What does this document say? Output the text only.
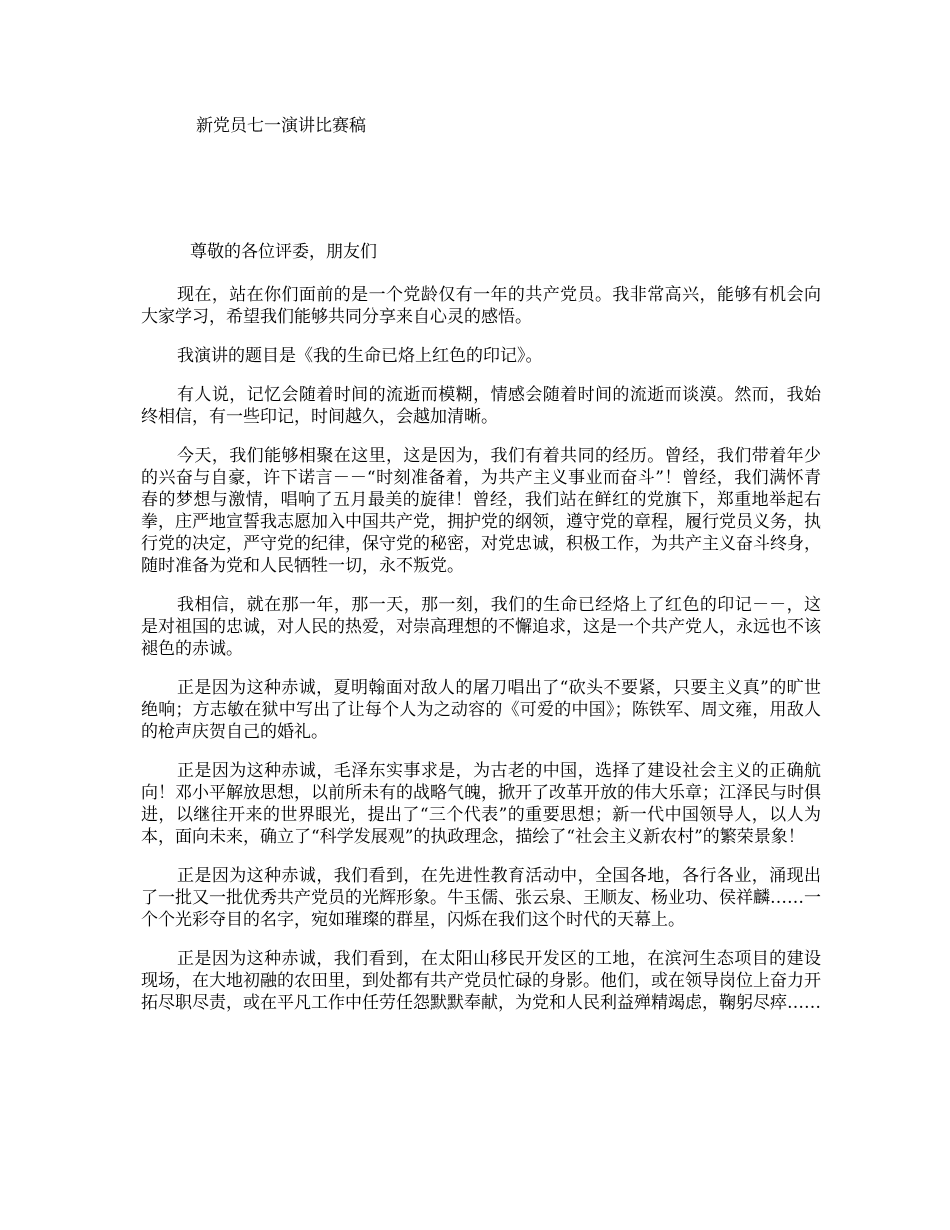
新党员七一演讲比赛稿
尊敬的各位评委，朋友们

现在，站在你们面前的是一个党龄仅有一年的共产党员。我非常高兴，能够有机会向大家学习，希望我们能够共同分享来自心灵的感悟。

我演讲的题目是《我的生命已烙上红色的印记》。

有人说，记忆会随着时间的流逝而模糊，情感会随着时间的流逝而谈漠。然而，我始终相信，有一些印记，时间越久，会越加清晰。

今天，我们能够相聚在这里，这是因为，我们有着共同的经历。曾经，我们带着年少的兴奋与自豪，许下诺言－－“时刻准备着，为共产主义事业而奋斗”！曾经，我们满怀青春的梦想与激情，唱响了五月最美的旋律！曾经，我们站在鲜红的党旗下，郑重地举起右拳，庄严地宣誓我志愿加入中国共产党，拥护党的纲领，遵守党的章程，履行党员义务，执行党的决定，严守党的纪律，保守党的秘密，对党忠诚，积极工作，为共产主义奋斗终身，随时准备为党和人民牺牲一切，永不叛党。

我相信，就在那一年，那一天，那一刻，我们的生命已经烙上了红色的印记－－，这是对祖国的忠诚，对人民的热爱，对崇高理想的不懈追求，这是一个共产党人，永远也不该褪色的赤诚。

正是因为这种赤诚，夏明翰面对敌人的屠刀唱出了“砍头不要紧，只要主义真”的旷世绝响；方志敏在狱中写出了让每个人为之动容的《可爱的中国》；陈铁军、周文雍，用敌人的枪声庆贺自己的婚礼。

正是因为这种赤诚，毛泽东实事求是，为古老的中国，选择了建设社会主义的正确航向！邓小平解放思想，以前所未有的战略气魄，掀开了改革开放的伟大乐章；江泽民与时俱进，以继往开来的世界眼光，提出了“三个代表”的重要思想；新一代中国领导人，以人为本，面向未来，确立了“科学发展观”的执政理念，描绘了“社会主义新农村”的繁荣景象！

正是因为这种赤诚，我们看到，在先进性教育活动中，全国各地，各行各业，涌现出了一批又一批优秀共产党员的光辉形象。牛玉儒、张云泉、王顺友、杨业功、侯祥麟……一个个光彩夺目的名字，宛如璀璨的群星，闪烁在我们这个时代的天幕上。

正是因为这种赤诚，我们看到，在太阳山移民开发区的工地，在滨河生态项目的建设现场，在大地初融的农田里，到处都有共产党员忙碌的身影。他们，或在领导岗位上奋力开拓尽职尽责，或在平凡工作中任劳任怨默默奉献，为党和人民利益殚精竭虑，鞠躬尽瘁……
